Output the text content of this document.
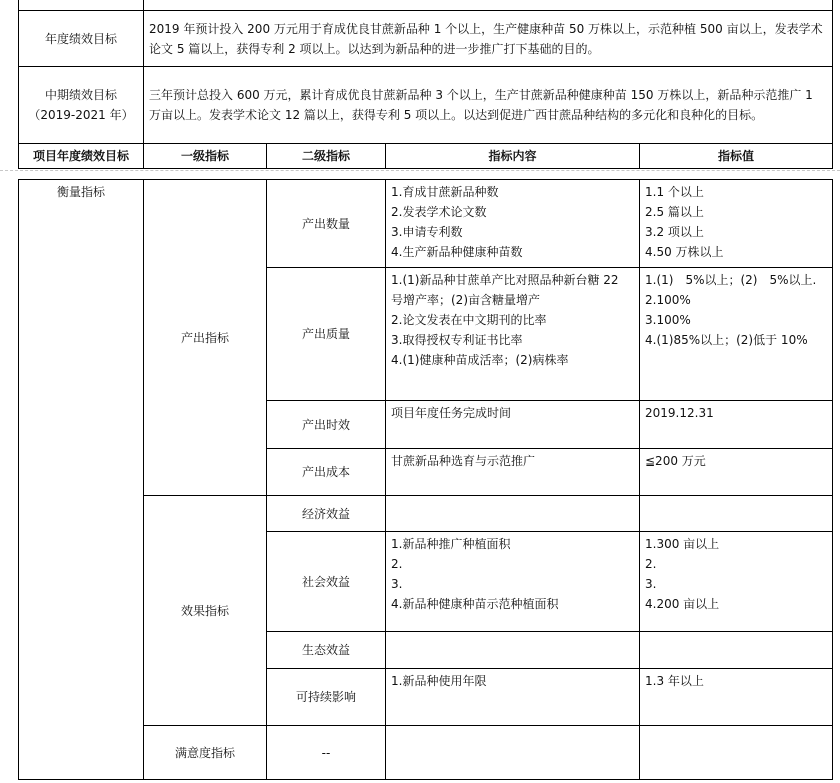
年度绩效目标	2019 年预计投入 200 万元用于育成优良甘蔗新品种 1 个以上，生产健康种苗 50 万株以上，示范种植 500 亩以上，发表学术论文 5 篇以上，获得专利 2 项以上。以达到为新品种的进一步推广打下基础的目的。			

中期绩效目标
（2019-2021 年）	三年预计总投入 600 万元，累计育成优良甘蔗新品种 3 个以上，生产甘蔗新品种健康种苗 150 万株以上，新品种示范推广 1 万亩以上。发表学术论文 12 篇以上，获得专利 5 项以上。以达到促进广西甘蔗品种结构的多元化和良种化的目标。			

项目年度绩效目标	一级指标	二级指标	指标内容	指标值
衡量指标	产出指标	产出数量	1.育成甘蔗新品种数
2.发表学术论文数
3.申请专利数
4.生产新品种健康种苗数	1.1 个以上
2.5 篇以上
3.2 项以上
4.50 万株以上

		产出质量	1.(1)新品种甘蔗单产比对照品种新台糖 22 号增产率；(2)亩含糖量增产
2.论文发表在中文期刊的比率
3.取得授权专利证书比率
4.(1)健康种苗成活率；(2)病株率	1.(1)　5%以上；(2)　5%以上.
2.100%
3.100%
4.(1)85%以上；(2)低于 10%

		产出时效	项目年度任务完成时间	2019.12.31
		产出成本	甘蔗新品种选育与示范推广	≦200 万元
	效果指标	经济效益		
		社会效益	1.新品种推广种植面积
2.
3.
4.新品种健康种苗示范种植面积	1.300 亩以上
2.
3.
4.200 亩以上

		生态效益		
		可持续影响	1.新品种使用年限	1.3 年以上
	满意度指标	--		
